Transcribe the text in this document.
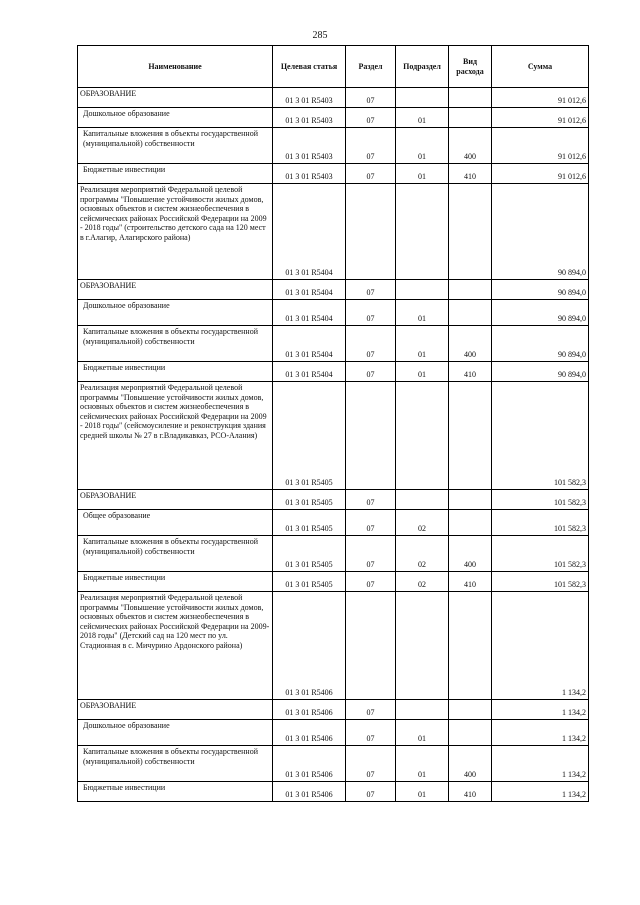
285
Наименование	Целевая статья	Раздел	Подраздел	Вид расхода	Сумма
ОБРАЗОВАНИЕ	01 3 01 R5403	07			91 012,6
Дошкольное образование	01 3 01 R5403	07	01		91 012,6
Капитальные вложения в объекты государственной (муниципальной) собственности	01 3 01 R5403	07	01	400	91 012,6
Бюджетные инвестиции	01 3 01 R5403	07	01	410	91 012,6
Реализация мероприятий Федеральной целевой программы "Повышение устойчивости жилых домов, основных объектов и систем жизнеобеспечения в сейсмических районах Российской Федерации на 2009 - 2018 годы" (строительство детского сада на 120 мест в г.Алагир, Алагирского района)	01 3 01 R5404				90 894,0
ОБРАЗОВАНИЕ	01 3 01 R5404	07			90 894,0
Дошкольное образование	01 3 01 R5404	07	01		90 894,0
Капитальные вложения в объекты государственной (муниципальной) собственности	01 3 01 R5404	07	01	400	90 894,0
Бюджетные инвестиции	01 3 01 R5404	07	01	410	90 894,0
Реализация мероприятий Федеральной целевой программы "Повышение устойчивости жилых домов, основных объектов и систем жизнеобеспечения в сейсмических районах Российской Федерации на 2009 - 2018 годы" (сейсмоусиление и реконструкция здания средней школы № 27 в г.Владикавказ, РСО-Алания)	01 3 01 R5405				101 582,3
ОБРАЗОВАНИЕ	01 3 01 R5405	07			101 582,3
Общее образование	01 3 01 R5405	07	02		101 582,3
Капитальные вложения в объекты государственной (муниципальной) собственности	01 3 01 R5405	07	02	400	101 582,3
Бюджетные инвестиции	01 3 01 R5405	07	02	410	101 582,3
Реализация мероприятий Федеральной целевой программы "Повышение устойчивости жилых домов, основных объектов и систем жизнеобеспечения в сейсмических районах Российской Федерации на 2009-2018 годы" (Детский сад на 120 мест по ул. Стадионная в с. Мичурино Ардонского района)	01 3 01 R5406				1 134,2
ОБРАЗОВАНИЕ	01 3 01 R5406	07			1 134,2
Дошкольное образование	01 3 01 R5406	07	01		1 134,2
Капитальные вложения в объекты государственной (муниципальной) собственности	01 3 01 R5406	07	01	400	1 134,2
Бюджетные инвестиции	01 3 01 R5406	07	01	410	1 134,2
